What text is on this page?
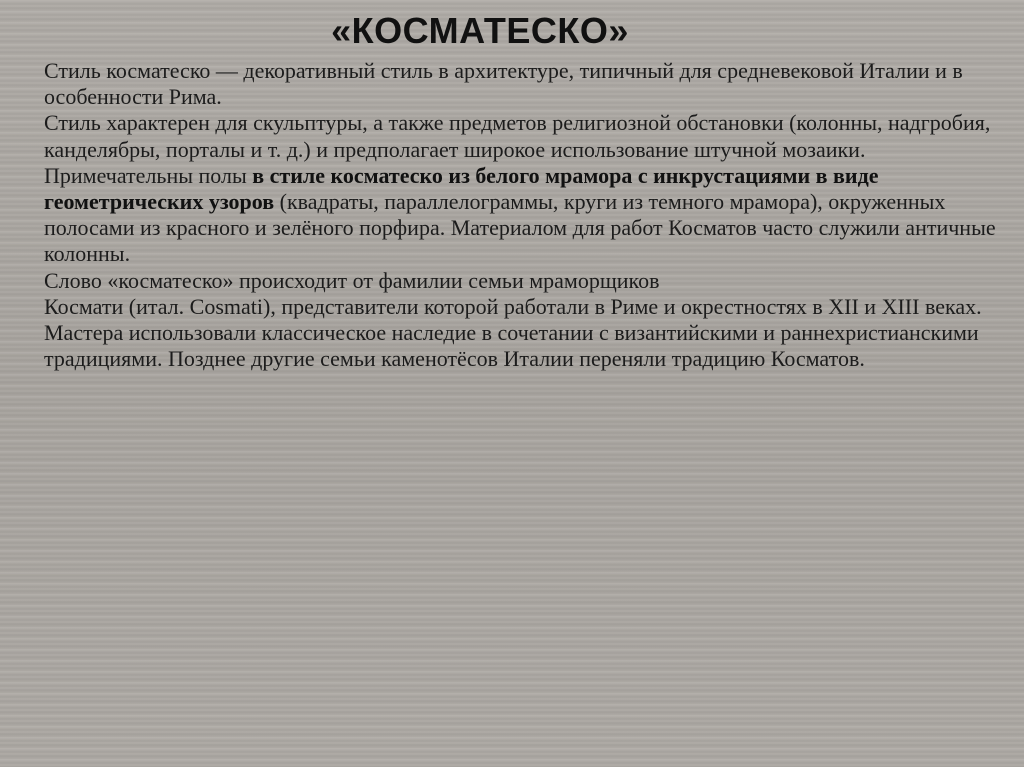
«КОСМАТЕСКО»

Стиль косматеско — декоративный стиль в архитектуре, типичный для средневековой Италии и в особенности Рима.

Стиль характерен для скульптуры, а также предметов религиозной обстановки (колонны, надгробия, канделябры, порталы и т. д.) и предполагает широкое использование штучной мозаики. Примечательны полы в стиле косматеско из белого мрамора с инкрустациями в виде геометрических узоров (квадраты, параллелограммы, круги из темного мрамора), окруженных полосами из красного и зелёного порфира. Материалом для работ Косматов часто служили античные колонны.

Слово «косматеско» происходит от фамилии семьи мраморщиков
Космати (итал. Cosmati), представители которой работали в Риме и окрестностях в XII и XIII веках. Мастера использовали классическое наследие в сочетании с византийскими и раннехристианскими традициями. Позднее другие семьи каменотёсов Италии переняли традицию Косматов.
